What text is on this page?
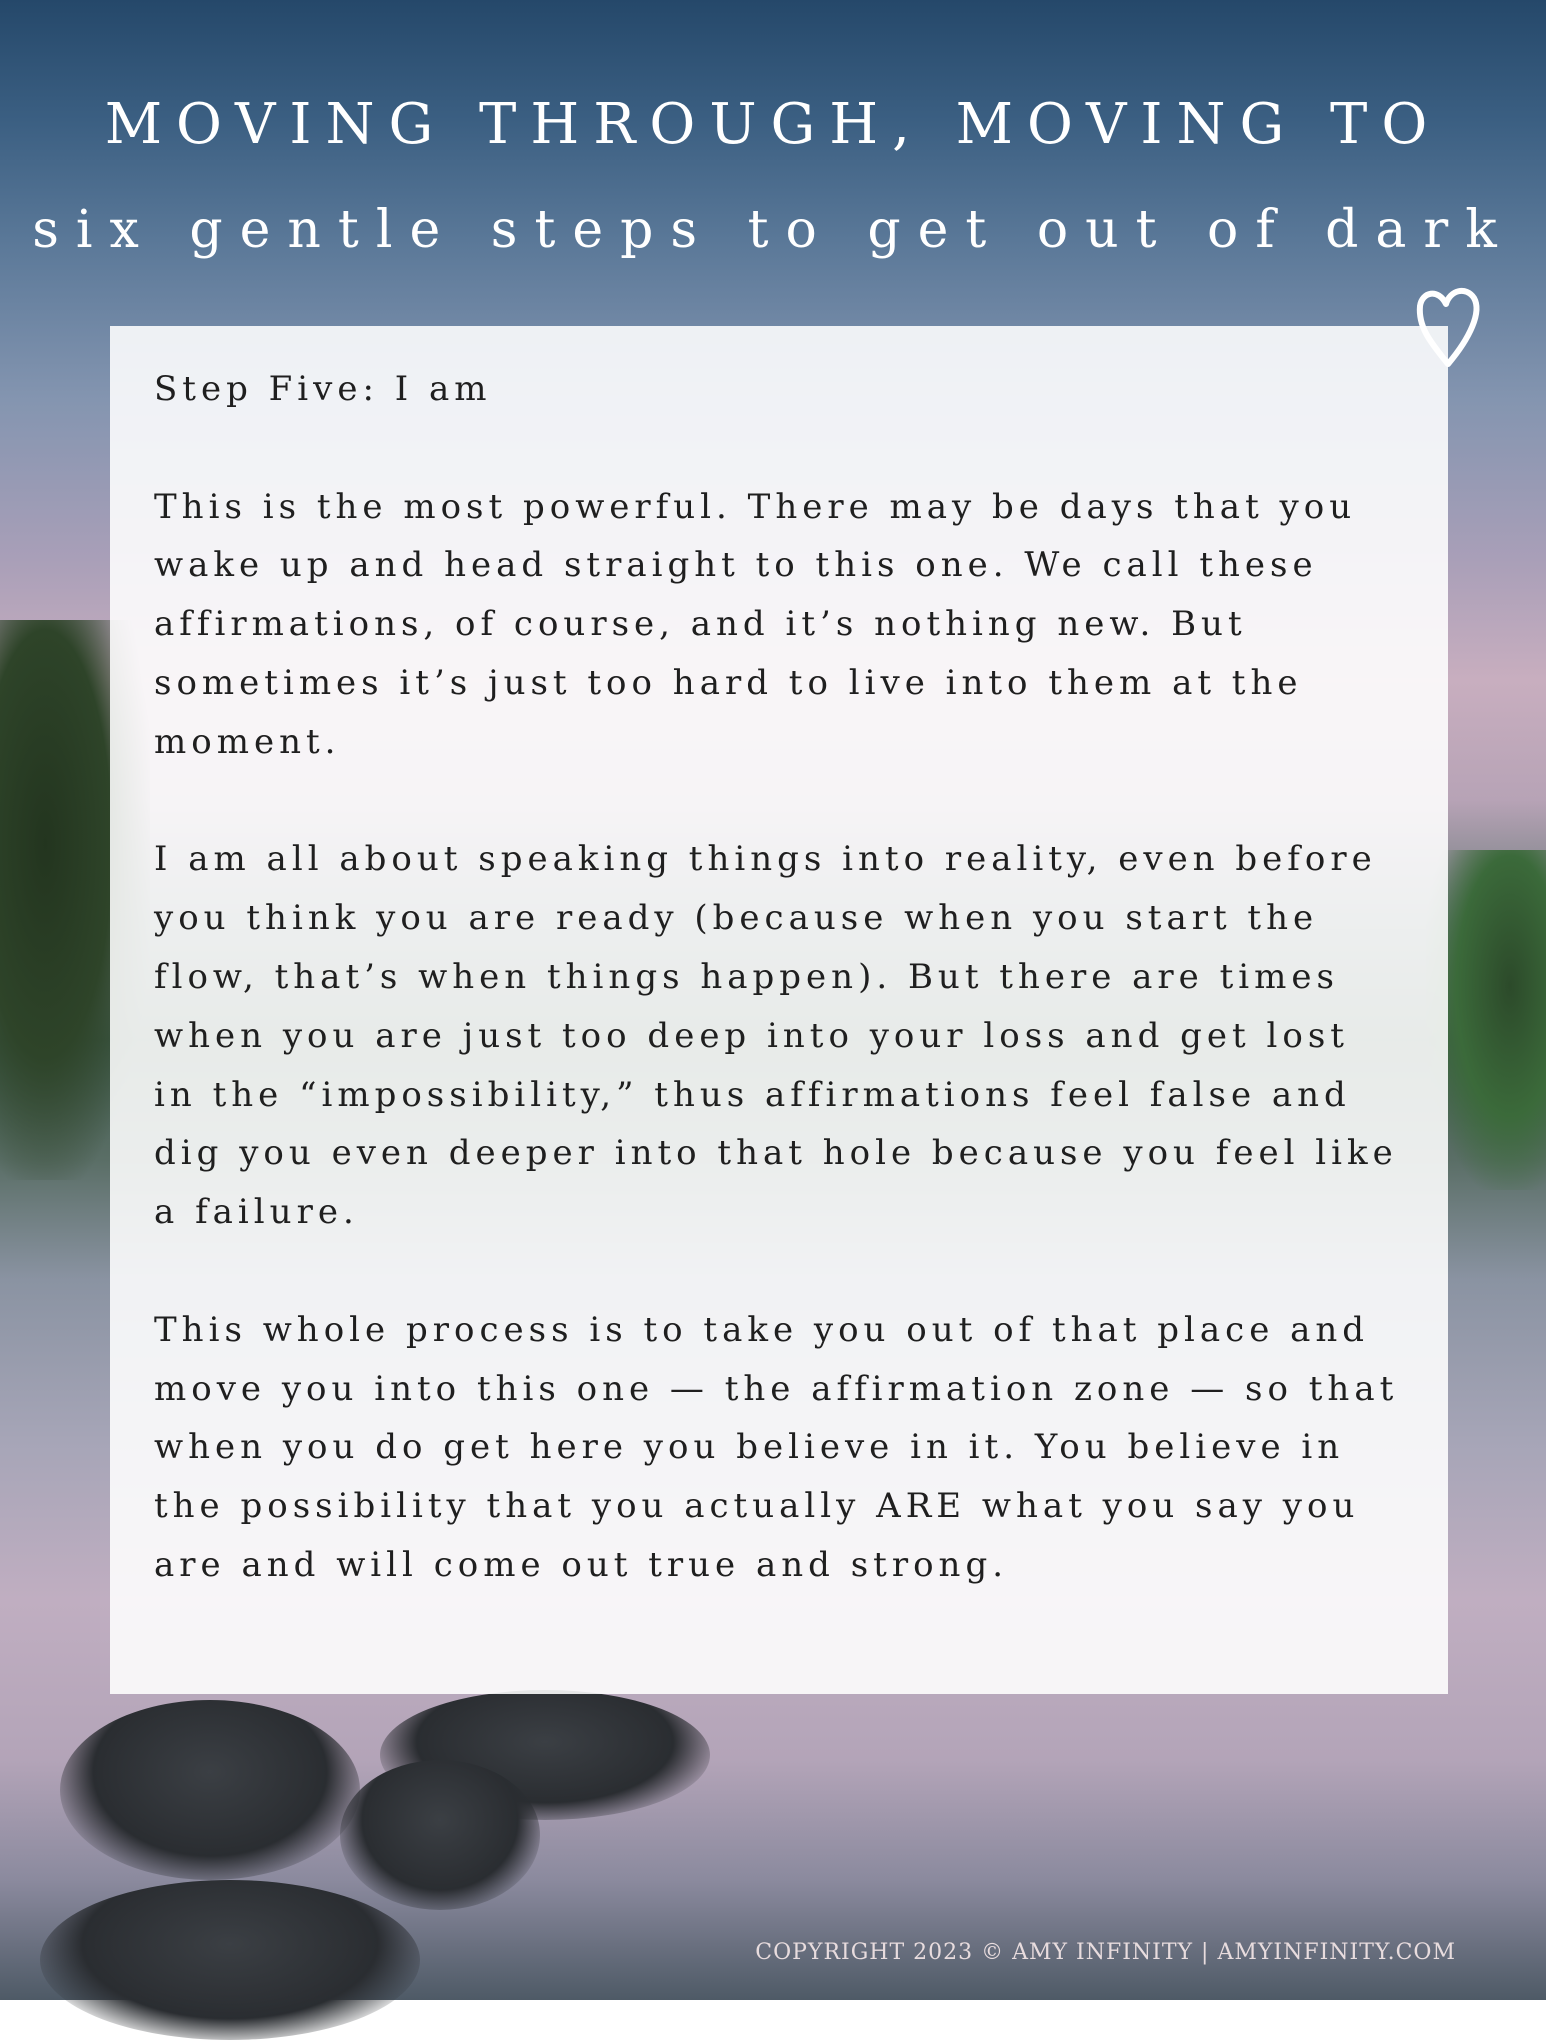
MOVING THROUGH, MOVING TO
six gentle steps to get out of dark

Step Five: I am

This is the most powerful. There may be days that you wake up and head straight to this one. We call these affirmations, of course, and it’s nothing new. But sometimes it’s just too hard to live into them at the moment.

I am all about speaking things into reality, even before you think you are ready (because when you start the flow, that’s when things happen). But there are times when you are just too deep into your loss and get lost in the “impossibility,” thus affirmations feel false and dig you even deeper into that hole because you feel like a failure.

This whole process is to take you out of that place and move you into this one — the affirmation zone — so that when you do get here you believe in it. You believe in the possibility that you actually ARE what you say you are and will come out true and strong.

COPYRIGHT 2023 © AMY INFINITY | AMYINFINITY.COM
